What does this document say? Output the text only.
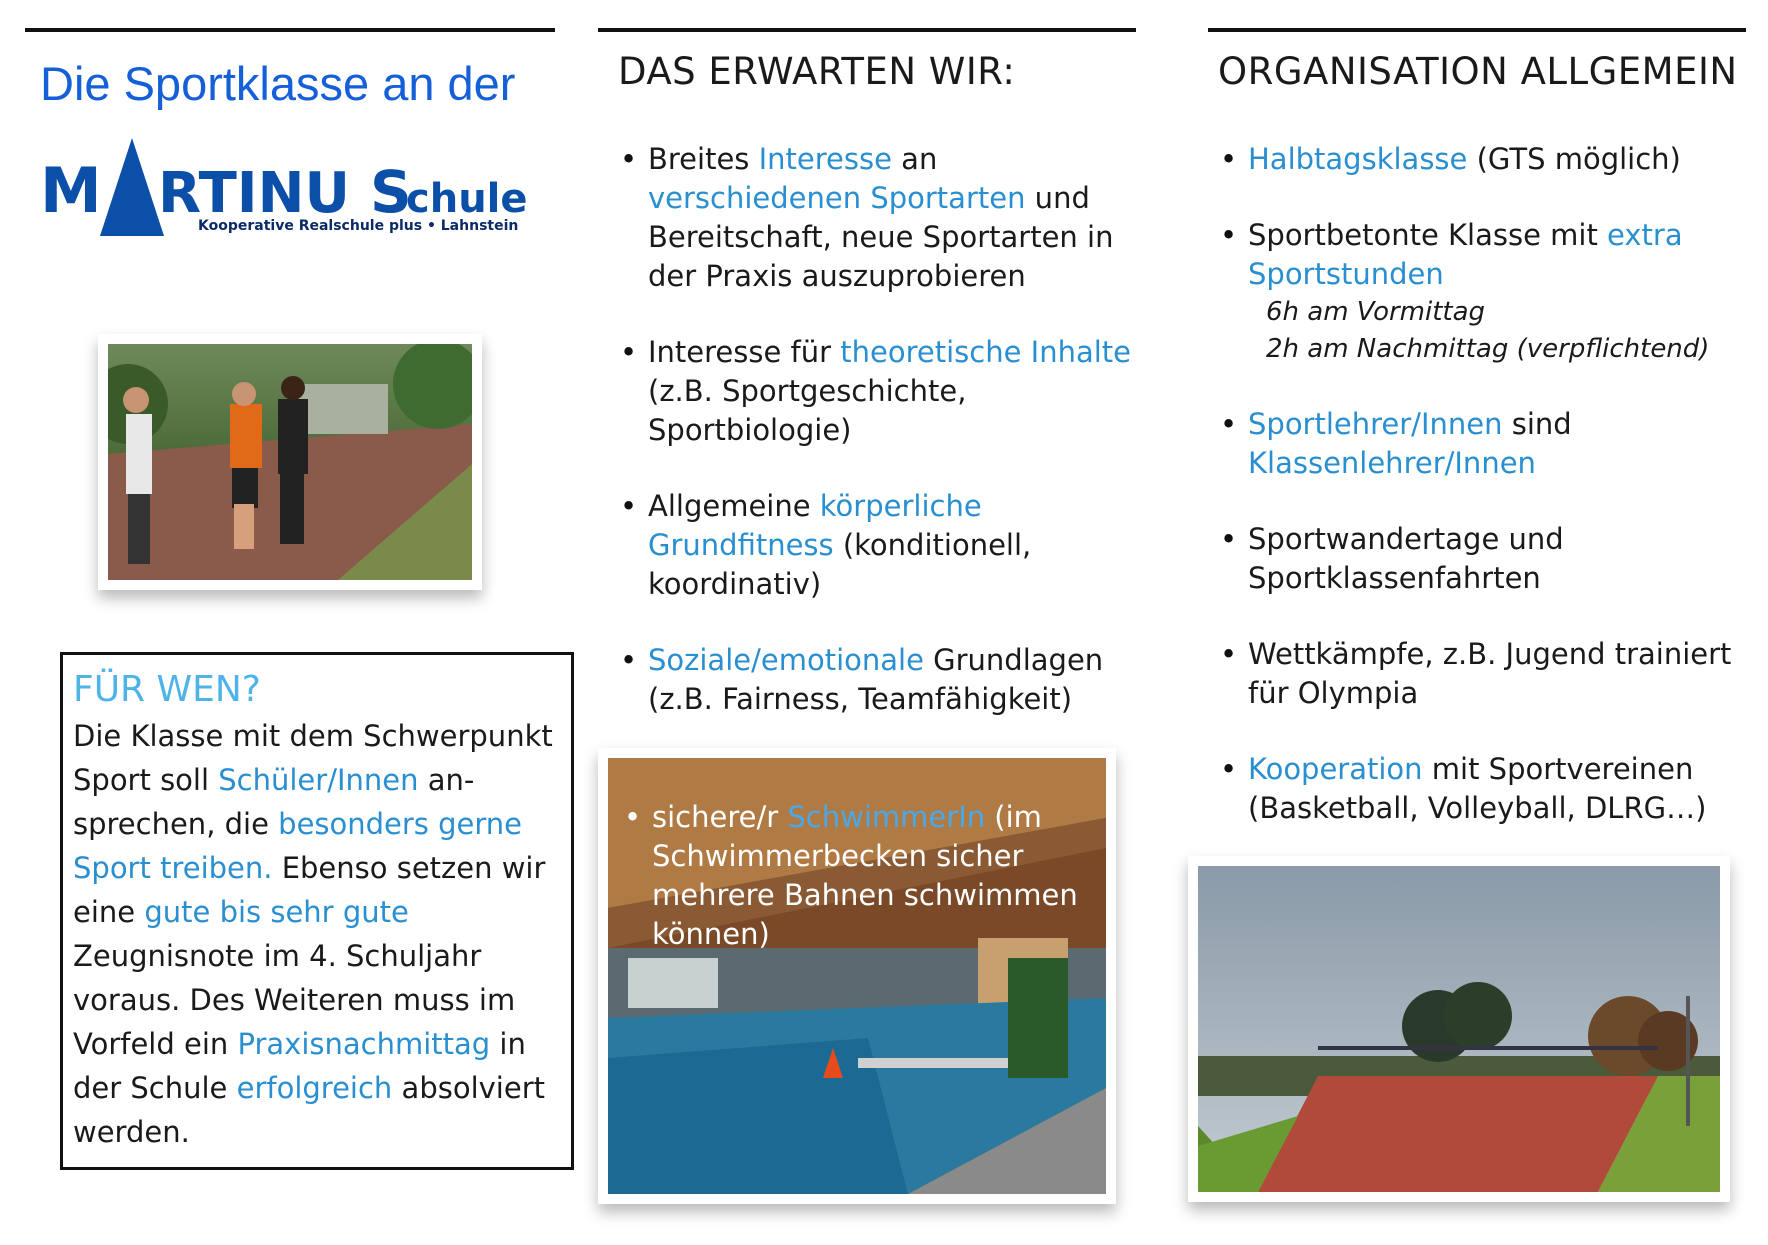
Die Sportklasse an der
M RTINU S
chule
Kooperative Realschule plus • Lahnstein
FÜR WEN?

Die Klasse mit dem Schwerpunkt Sport soll Schüler/Innen an-sprechen, die besonders gerne Sport treiben. Ebenso setzen wir eine gute bis sehr gute Zeugnisnote im 4. Schuljahr voraus. Des Weiteren muss im Vorfeld ein Praxisnachmittag in der Schule erfolgreich absolviert werden.

DAS ERWARTEN WIR:
• Breites Interesse an verschiedenen Sportarten und Bereitschaft, neue Sportarten in der Praxis auszuprobieren
• Interesse für theoretische Inhalte (z.B. Sportgeschichte, Sportbiologie)
• Allgemeine körperliche Grundfitness (konditionell, koordinativ)
• Soziale/emotionale Grundlagen (z.B. Fairness, Teamfähigkeit)
• sichere/r SchwimmerIn (im Schwimmerbecken sicher mehrere Bahnen schwimmen können)
ORGANISATION ALLGEMEIN
• Halbtagsklasse (GTS möglich)
• Sportbetonte Klasse mit extra Sportstunden
6h am Vormittag
2h am Nachmittag (verpflichtend)
• Sportlehrer/Innen sind Klassenlehrer/Innen
• Sportwandertage und Sportklassenfahrten
• Wettkämpfe, z.B. Jugend trainiert für Olympia
• Kooperation mit Sportvereinen (Basketball, Volleyball, DLRG…)
